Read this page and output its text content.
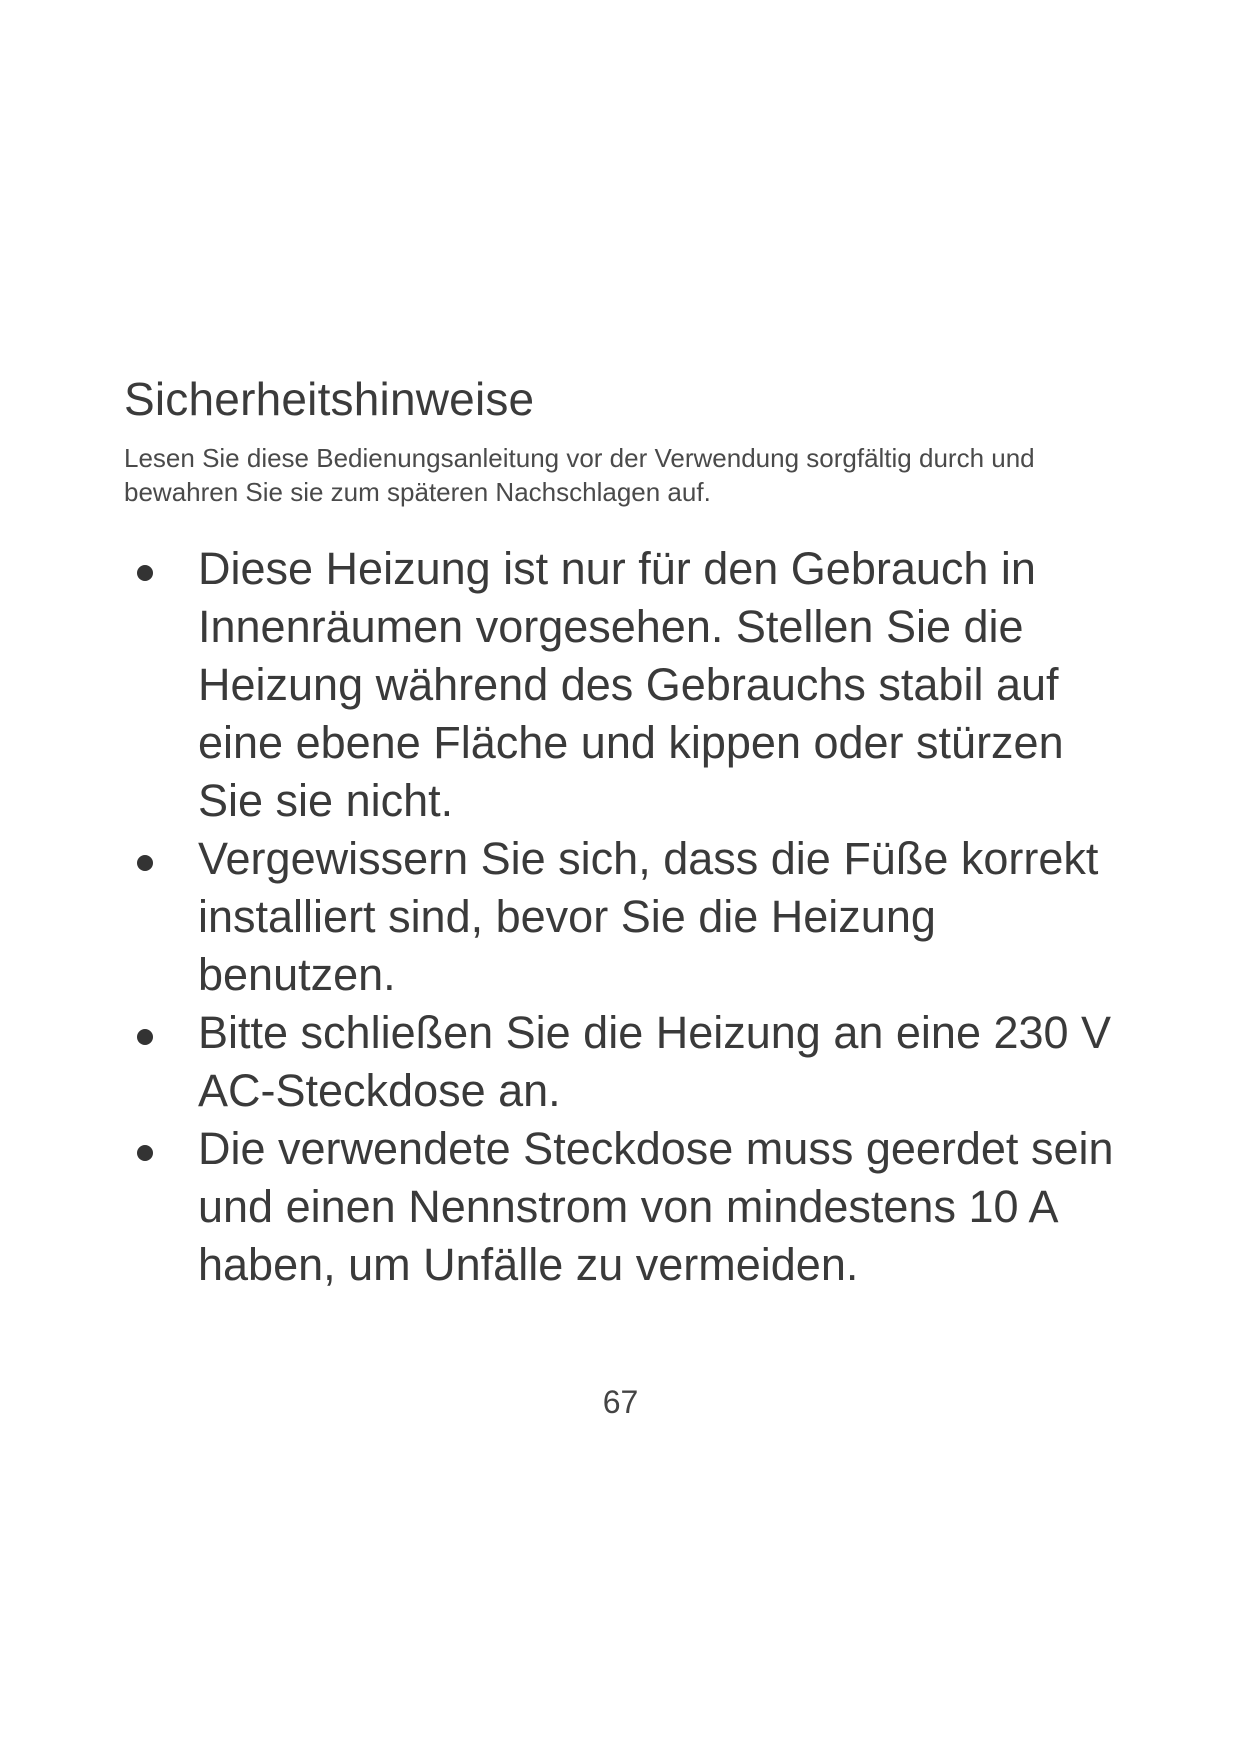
Sicherheitshinweise

Lesen Sie diese Bedienungsanleitung vor der Verwendung sorgfältig durch und bewahren Sie sie zum späteren Nachschlagen auf.

Diese Heizung ist nur für den Gebrauch in Innenräumen vorgesehen. Stellen Sie die Heizung während des Gebrauchs stabil auf eine ebene Fläche und kippen oder stürzen Sie sie nicht.
Vergewissern Sie sich, dass die Füße korrekt installiert sind, bevor Sie die Heizung benutzen.
Bitte schließen Sie die Heizung an eine 230 V AC-Steckdose an.
Die verwendete Steckdose muss geerdet sein und einen Nennstrom von mindestens 10 A haben, um Unfälle zu vermeiden.
67
